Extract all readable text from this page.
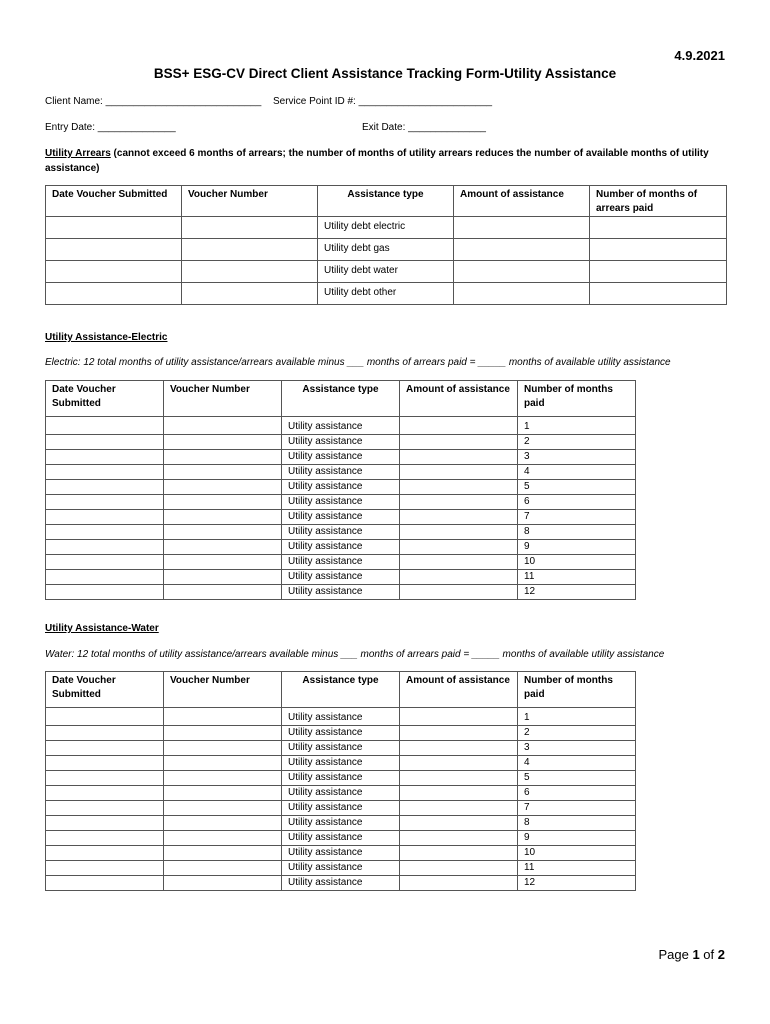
4.9.2021
BSS+ ESG-CV Direct Client Assistance Tracking Form-Utility Assistance
Client Name: ____________________________ Service Point ID #: ________________________
Entry Date: ______________	Exit Date: ______________
Utility Arrears (cannot exceed 6 months of arrears; the number of months of utility arrears reduces the number of available months of utility
assistance)
Date Voucher Submitted	Voucher Number	Assistance type	Amount of assistance	Number of months of arrears paid
		Utility debt electric		
		Utility debt gas		
		Utility debt water		
		Utility debt other		
Utility Assistance-Electric
Electric: 12 total months of utility assistance/arrears available minus ___ months of arrears paid = _____ months of available utility assistance
Date Voucher Submitted	Voucher Number	Assistance type	Amount of assistance	Number of months paid
		Utility assistance		1
		Utility assistance		2
		Utility assistance		3
		Utility assistance		4
		Utility assistance		5
		Utility assistance		6
		Utility assistance		7
		Utility assistance		8
		Utility assistance		9
		Utility assistance		10
		Utility assistance		11
		Utility assistance		12
Utility Assistance-Water
Water: 12 total months of utility assistance/arrears available minus ___ months of arrears paid = _____ months of available utility assistance
Date Voucher Submitted	Voucher Number	Assistance type	Amount of assistance	Number of months paid
		Utility assistance		1
		Utility assistance		2
		Utility assistance		3
		Utility assistance		4
		Utility assistance		5
		Utility assistance		6
		Utility assistance		7
		Utility assistance		8
		Utility assistance		9
		Utility assistance		10
		Utility assistance		11
		Utility assistance		12
Page 1 of 2
